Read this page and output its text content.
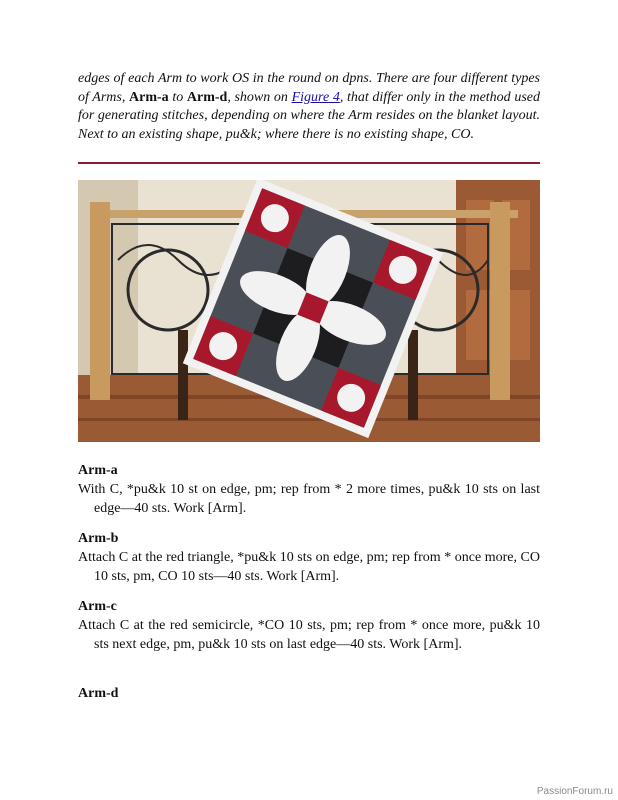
edges of each Arm to work OS in the round on dpns. There are four different types of Arms, Arm-a to Arm-d, shown on Figure 4, that differ only in the method used for generating stitches, depending on where the Arm resides on the blanket layout. Next to an existing shape, pu&k; where there is no existing shape, CO.
Arm-a

With C, *pu&k 10 st on edge, pm; rep from * 2 more times, pu&k 10 sts on last edge—40 sts. Work [Arm].

Arm-b

Attach C at the red triangle, *pu&k 10 sts on edge, pm; rep from * once more, CO 10 sts, pm, CO 10 sts—40 sts. Work [Arm].

Arm-c

Attach C at the red semicircle, *CO 10 sts, pm; rep from * once more, pu&k 10 sts next edge, pm, pu&k 10 sts on last edge—40 sts. Work [Arm].

Arm-d
PassionForum.ru
